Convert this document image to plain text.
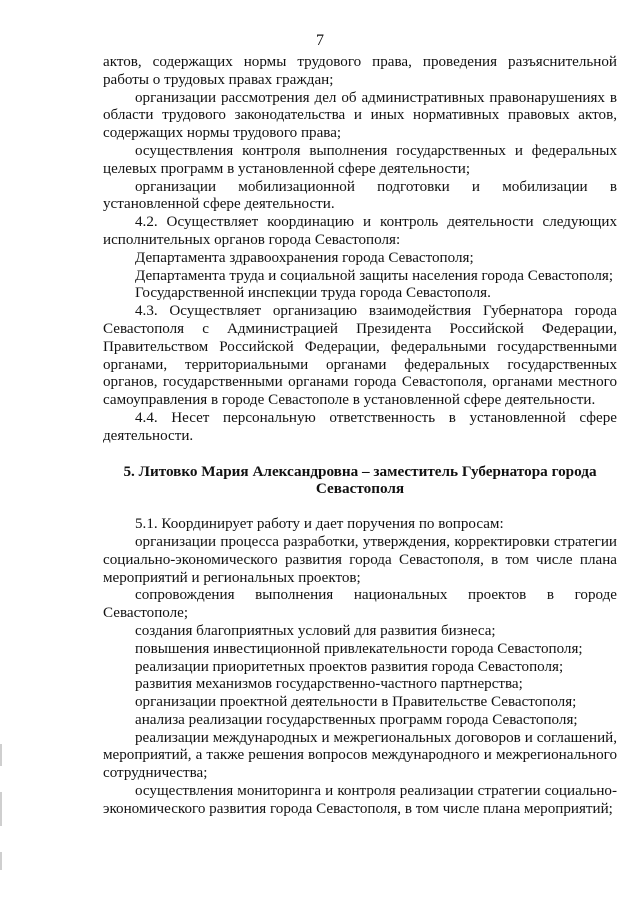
7

актов, содержащих нормы трудового права, проведения разъяснительной работы о трудовых правах граждан;

организации рассмотрения дел об административных правонарушениях в области трудового законодательства и иных нормативных правовых актов, содержащих нормы трудового права;

осуществления контроля выполнения государственных и федеральных целевых программ в установленной сфере деятельности;

организации мобилизационной подготовки и мобилизации в установленной сфере деятельности.

4.2. Осуществляет координацию и контроль деятельности следующих исполнительных органов города Севастополя:

Департамента здравоохранения города Севастополя;

Департамента труда и социальной защиты населения города Севастополя;

Государственной инспекции труда города Севастополя.

4.3. Осуществляет организацию взаимодействия Губернатора города Севастополя с Администрацией Президента Российской Федерации, Правительством Российской Федерации, федеральными государственными органами, территориальными органами федеральных государственных органов, государственными органами города Севастополя, органами местного самоуправления в городе Севастополе в установленной сфере деятельности.

4.4. Несет персональную ответственность в установленной сфере деятельности.

5. Литовко Мария Александровна – заместитель Губернатора города Севастополя

5.1. Координирует работу и дает поручения по вопросам:

организации процесса разработки, утверждения, корректировки стратегии социально-экономического развития города Севастополя, в том числе плана мероприятий и региональных проектов;

сопровождения выполнения национальных проектов в городе Севастополе;

создания благоприятных условий для развития бизнеса;

повышения инвестиционной привлекательности города Севастополя;

реализации приоритетных проектов развития города Севастополя;

развития механизмов государственно-частного партнерства;

организации проектной деятельности в Правительстве Севастополя;

анализа реализации государственных программ города Севастополя;

реализации международных и межрегиональных договоров и соглашений, мероприятий, а также решения вопросов международного и межрегионального сотрудничества;

осуществления мониторинга и контроля реализации стратегии социально-экономического развития города Севастополя, в том числе плана мероприятий;
